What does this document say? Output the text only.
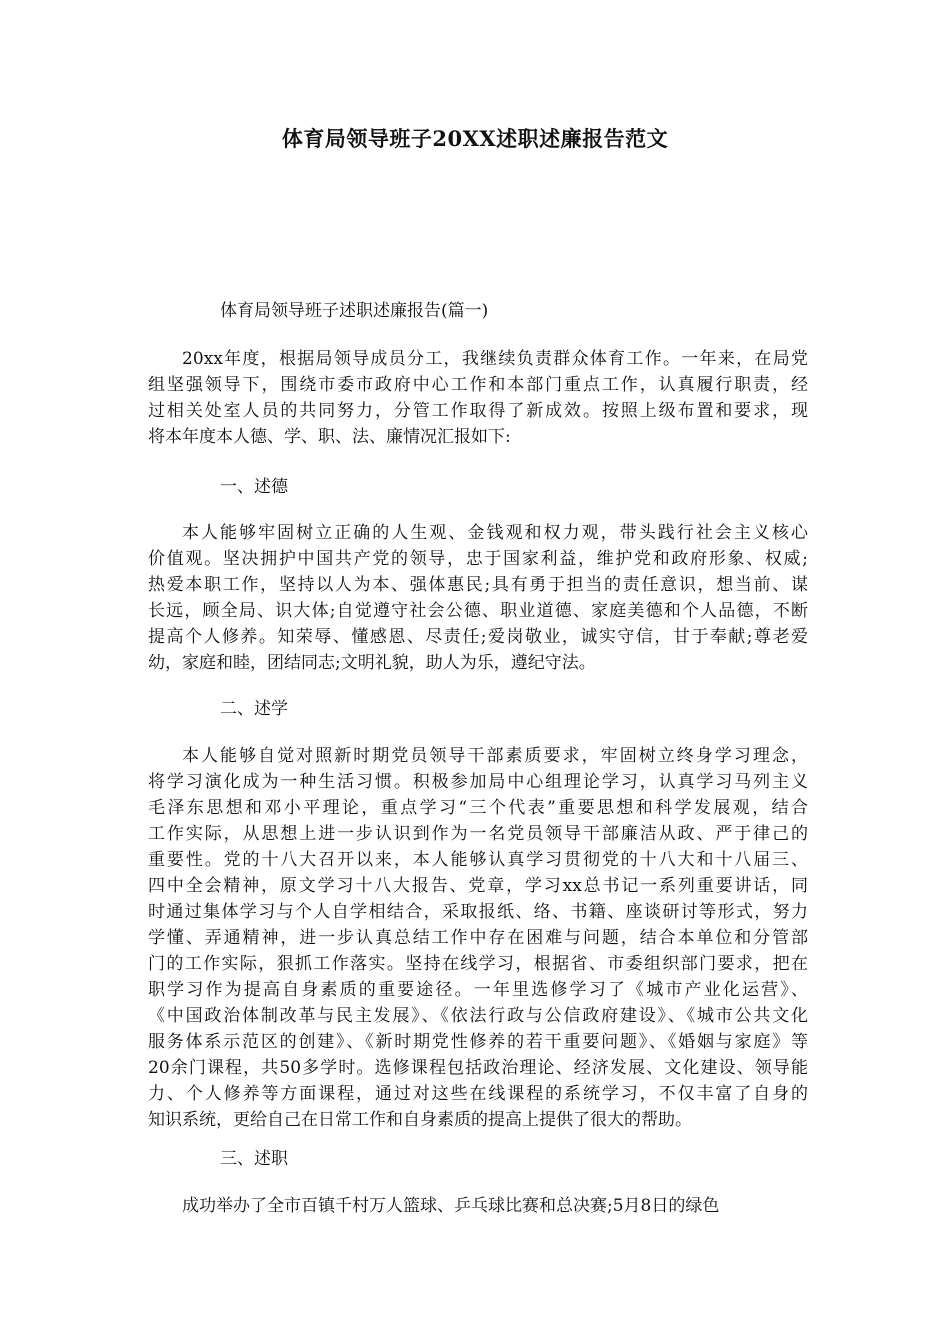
体育局领导班子20XX述职述廉报告范文
体育局领导班子述职述廉报告(篇一)
20xx年度，根据局领导成员分工，我继续负责群众体育工作。一年来，在局党
组坚强领导下，围绕市委市政府中心工作和本部门重点工作，认真履行职责，经
过相关处室人员的共同努力，分管工作取得了新成效。按照上级布置和要求，现
将本年度本人德、学、职、法、廉情况汇报如下:
一、述德
本人能够牢固树立正确的人生观、金钱观和权力观，带头践行社会主义核心
价值观。坚决拥护中国共产党的领导，忠于国家利益，维护党和政府形象、权威;
热爱本职工作，坚持以人为本、强体惠民;具有勇于担当的责任意识，想当前、谋
长远，顾全局、识大体;自觉遵守社会公德、职业道德、家庭美德和个人品德，不断
提高个人修养。知荣辱、懂感恩、尽责任;爱岗敬业，诚实守信，甘于奉献;尊老爱
幼，家庭和睦，团结同志;文明礼貌，助人为乐，遵纪守法。
二、述学
本人能够自觉对照新时期党员领导干部素质要求，牢固树立终身学习理念，
将学习演化成为一种生活习惯。积极参加局中心组理论学习，认真学习马列主义
毛泽东思想和邓小平理论，重点学习“三个代表”重要思想和科学发展观，结合
工作实际，从思想上进一步认识到作为一名党员领导干部廉洁从政、严于律己的
重要性。党的十八大召开以来，本人能够认真学习贯彻党的十八大和十八届三、
四中全会精神，原文学习十八大报告、党章，学习xx总书记一系列重要讲话，同
时通过集体学习与个人自学相结合，采取报纸、络、书籍、座谈研讨等形式，努力
学懂、弄通精神，进一步认真总结工作中存在困难与问题，结合本单位和分管部
门的工作实际，狠抓工作落实。坚持在线学习，根据省、市委组织部门要求，把在
职学习作为提高自身素质的重要途径。一年里选修学习了《城市产业化运营》、
《中国政治体制改革与民主发展》、《依法行政与公信政府建设》、《城市公共文化
服务体系示范区的创建》、《新时期党性修养的若干重要问题》、《婚姻与家庭》等
20余门课程，共50多学时。选修课程包括政治理论、经济发展、文化建设、领导能
力、个人修养等方面课程，通过对这些在线课程的系统学习，不仅丰富了自身的
知识系统，更给自己在日常工作和自身素质的提高上提供了很大的帮助。
三、述职
成功举办了全市百镇千村万人篮球、乒乓球比赛和总决赛;5月8日的绿色
